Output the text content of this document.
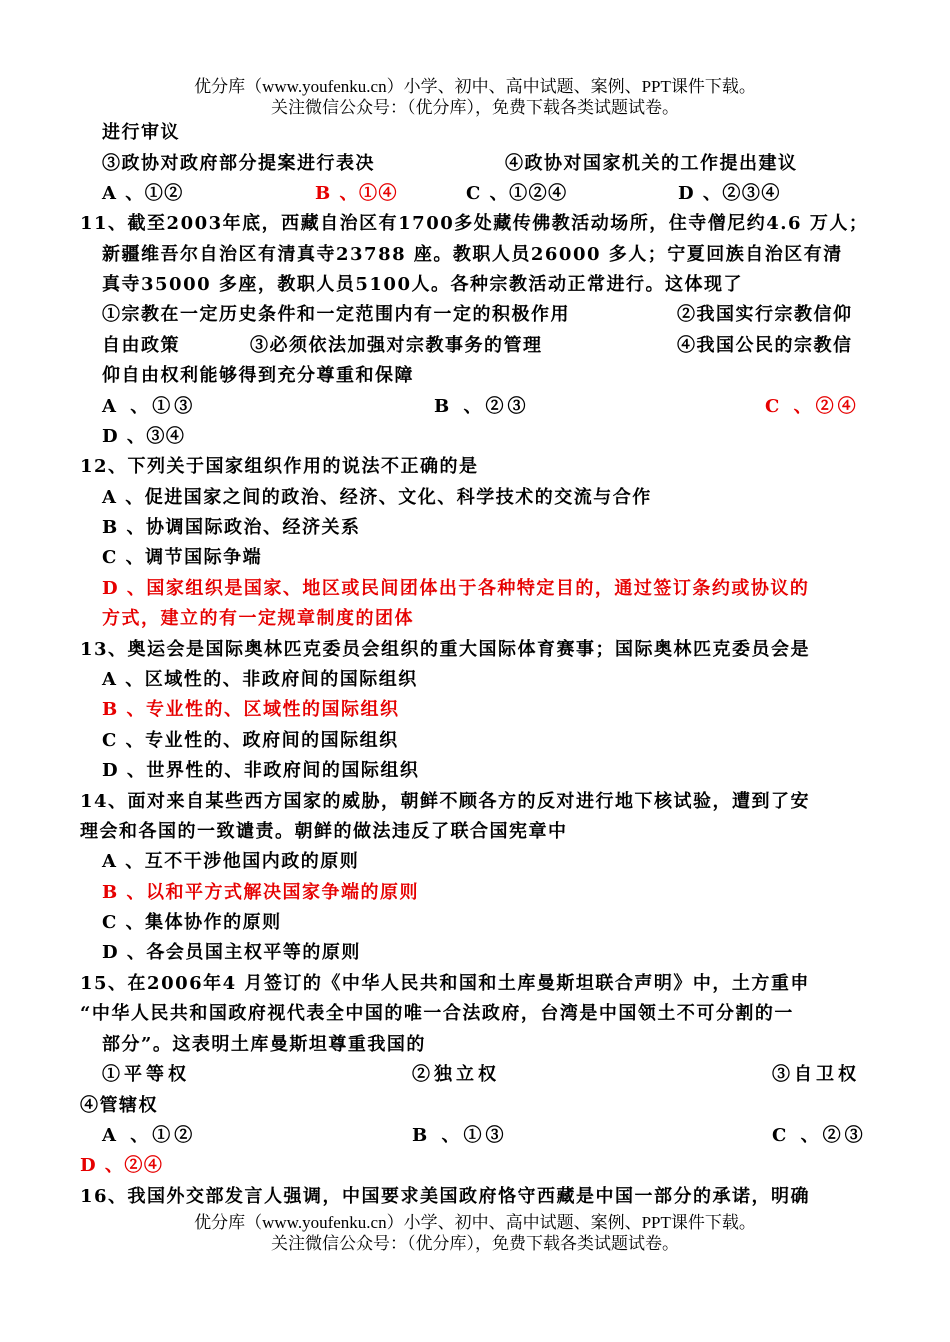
优分库（www.youfenku.cn）小学、初中、高中试题、案例、PPT课件下载。
关注微信公众号：（优分库），免费下载各类试题试卷。
进行审议
③政协对政府部分提案进行表决	④政协对国家机关的工作提出建议
A 、①②	B 、①④	C 、①②④	D 、②③④
11、截至2003年底，西藏自治区有1700多处藏传佛教活动场所，住寺僧尼约4.6 万人；
新疆维吾尔自治区有清真寺23788 座。教职人员26000 多人；宁夏回族自治区有清
真寺35000 多座，教职人员5100人。各种宗教活动正常进行。这体现了
①宗教在一定历史条件和一定范围内有一定的积极作用	②我国实行宗教信仰
自由政策	③必须依法加强对宗教事务的管理	④我国公民的宗教信
仰自由权利能够得到充分尊重和保障
A 、①③	B 、②③	C 、②④
D 、③④
12、下列关于国家组织作用的说法不正确的是
A 、促进国家之间的政治、经济、文化、科学技术的交流与合作
B 、协调国际政治、经济关系
C 、调节国际争端
D 、国家组织是国家、地区或民间团体出于各种特定目的，通过签订条约或协议的
方式，建立的有一定规章制度的团体
13、奥运会是国际奥林匹克委员会组织的重大国际体育赛事；国际奥林匹克委员会是
A 、区域性的、非政府间的国际组织
B 、专业性的、区域性的国际组织
C 、专业性的、政府间的国际组织
D 、世界性的、非政府间的国际组织
14、面对来自某些西方国家的威胁，朝鲜不顾各方的反对进行地下核试验，遭到了安
理会和各国的一致谴责。朝鲜的做法违反了联合国宪章中
A 、互不干涉他国内政的原则
B 、以和平方式解决国家争端的原则
C 、集体协作的原则
D 、各会员国主权平等的原则
15、在2006年4 月签订的《中华人民共和国和土库曼斯坦联合声明》中，土方重申
“中华人民共和国政府视代表全中国的唯一合法政府，台湾是中国领土不可分割的一
部分”。这表明土库曼斯坦尊重我国的
①平等权	②独立权	③自卫权
④管辖权
A 、①②	B 、①③	C 、②③
D 、②④
16、我国外交部发言人强调，中国要求美国政府恪守西藏是中国一部分的承诺，明确
优分库（www.youfenku.cn）小学、初中、高中试题、案例、PPT课件下载。
关注微信公众号：（优分库），免费下载各类试题试卷。
